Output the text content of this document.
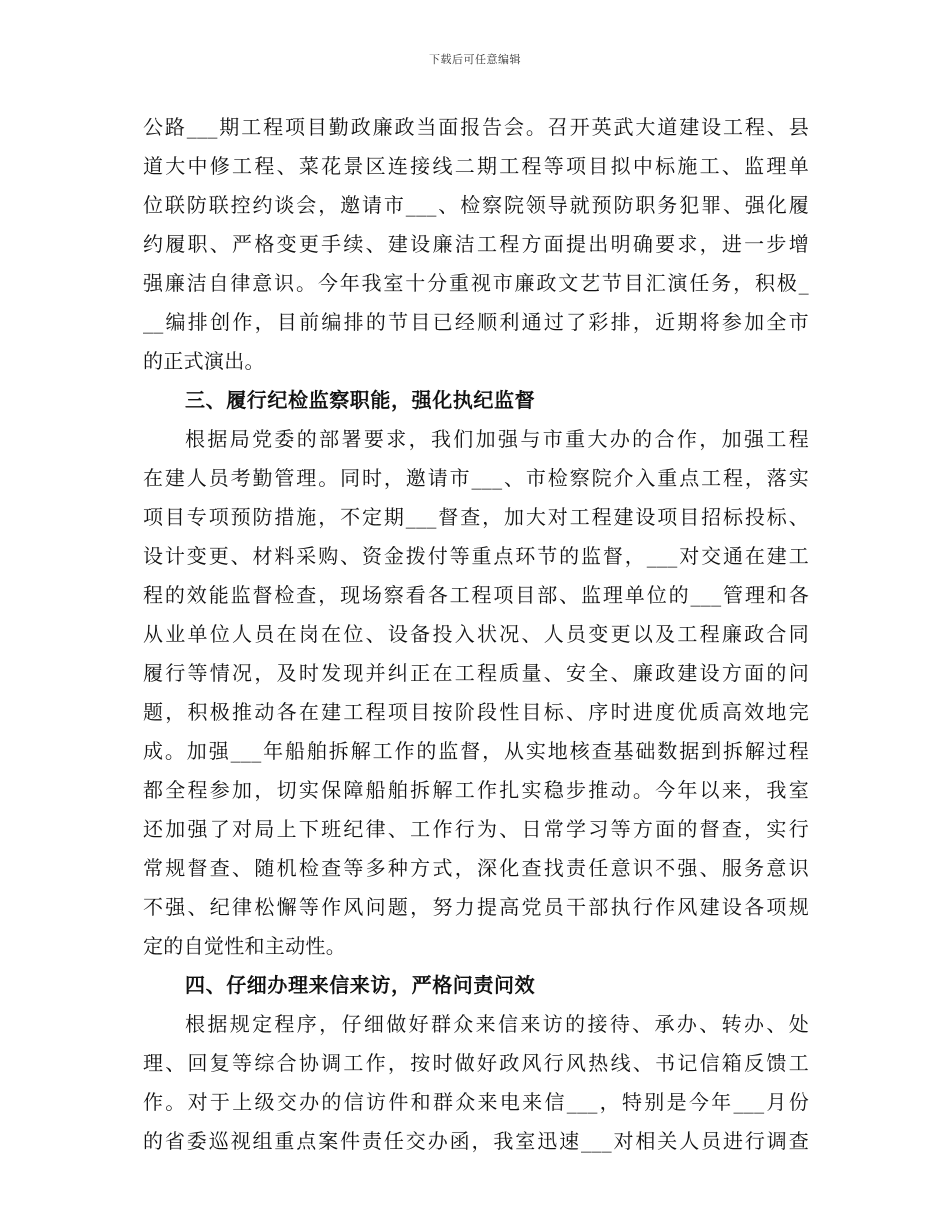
下载后可任意编辑
公路___期工程项目勤政廉政当面报告会。召开英武大道建设工程、县
道大中修工程、菜花景区连接线二期工程等项目拟中标施工、监理单
位联防联控约谈会，邀请市___、检察院领导就预防职务犯罪、强化履
约履职、严格变更手续、建设廉洁工程方面提出明确要求，进一步增
强廉洁自律意识。今年我室十分重视市廉政文艺节目汇演任务，积极_
__编排创作，目前编排的节目已经顺利通过了彩排，近期将参加全市
的正式演出。
三、履行纪检监察职能，强化执纪监督
根据局党委的部署要求，我们加强与市重大办的合作，加强工程
在建人员考勤管理。同时，邀请市___、市检察院介入重点工程，落实
项目专项预防措施，不定期___督查，加大对工程建设项目招标投标、
设计变更、材料采购、资金拨付等重点环节的监督，___对交通在建工
程的效能监督检查，现场察看各工程项目部、监理单位的___管理和各
从业单位人员在岗在位、设备投入状况、人员变更以及工程廉政合同
履行等情况，及时发现并纠正在工程质量、安全、廉政建设方面的问
题，积极推动各在建工程项目按阶段性目标、序时进度优质高效地完
成。加强___年船舶拆解工作的监督，从实地核查基础数据到拆解过程
都全程参加，切实保障船舶拆解工作扎实稳步推动。今年以来，我室
还加强了对局上下班纪律、工作行为、日常学习等方面的督查，实行
常规督查、随机检查等多种方式，深化查找责任意识不强、服务意识
不强、纪律松懈等作风问题，努力提高党员干部执行作风建设各项规
定的自觉性和主动性。
四、仔细办理来信来访，严格问责问效
根据规定程序，仔细做好群众来信来访的接待、承办、转办、处
理、回复等综合协调工作，按时做好政风行风热线、书记信箱反馈工
作。对于上级交办的信访件和群众来电来信___，特别是今年___月份
的省委巡视组重点案件责任交办函，我室迅速___对相关人员进行调查
